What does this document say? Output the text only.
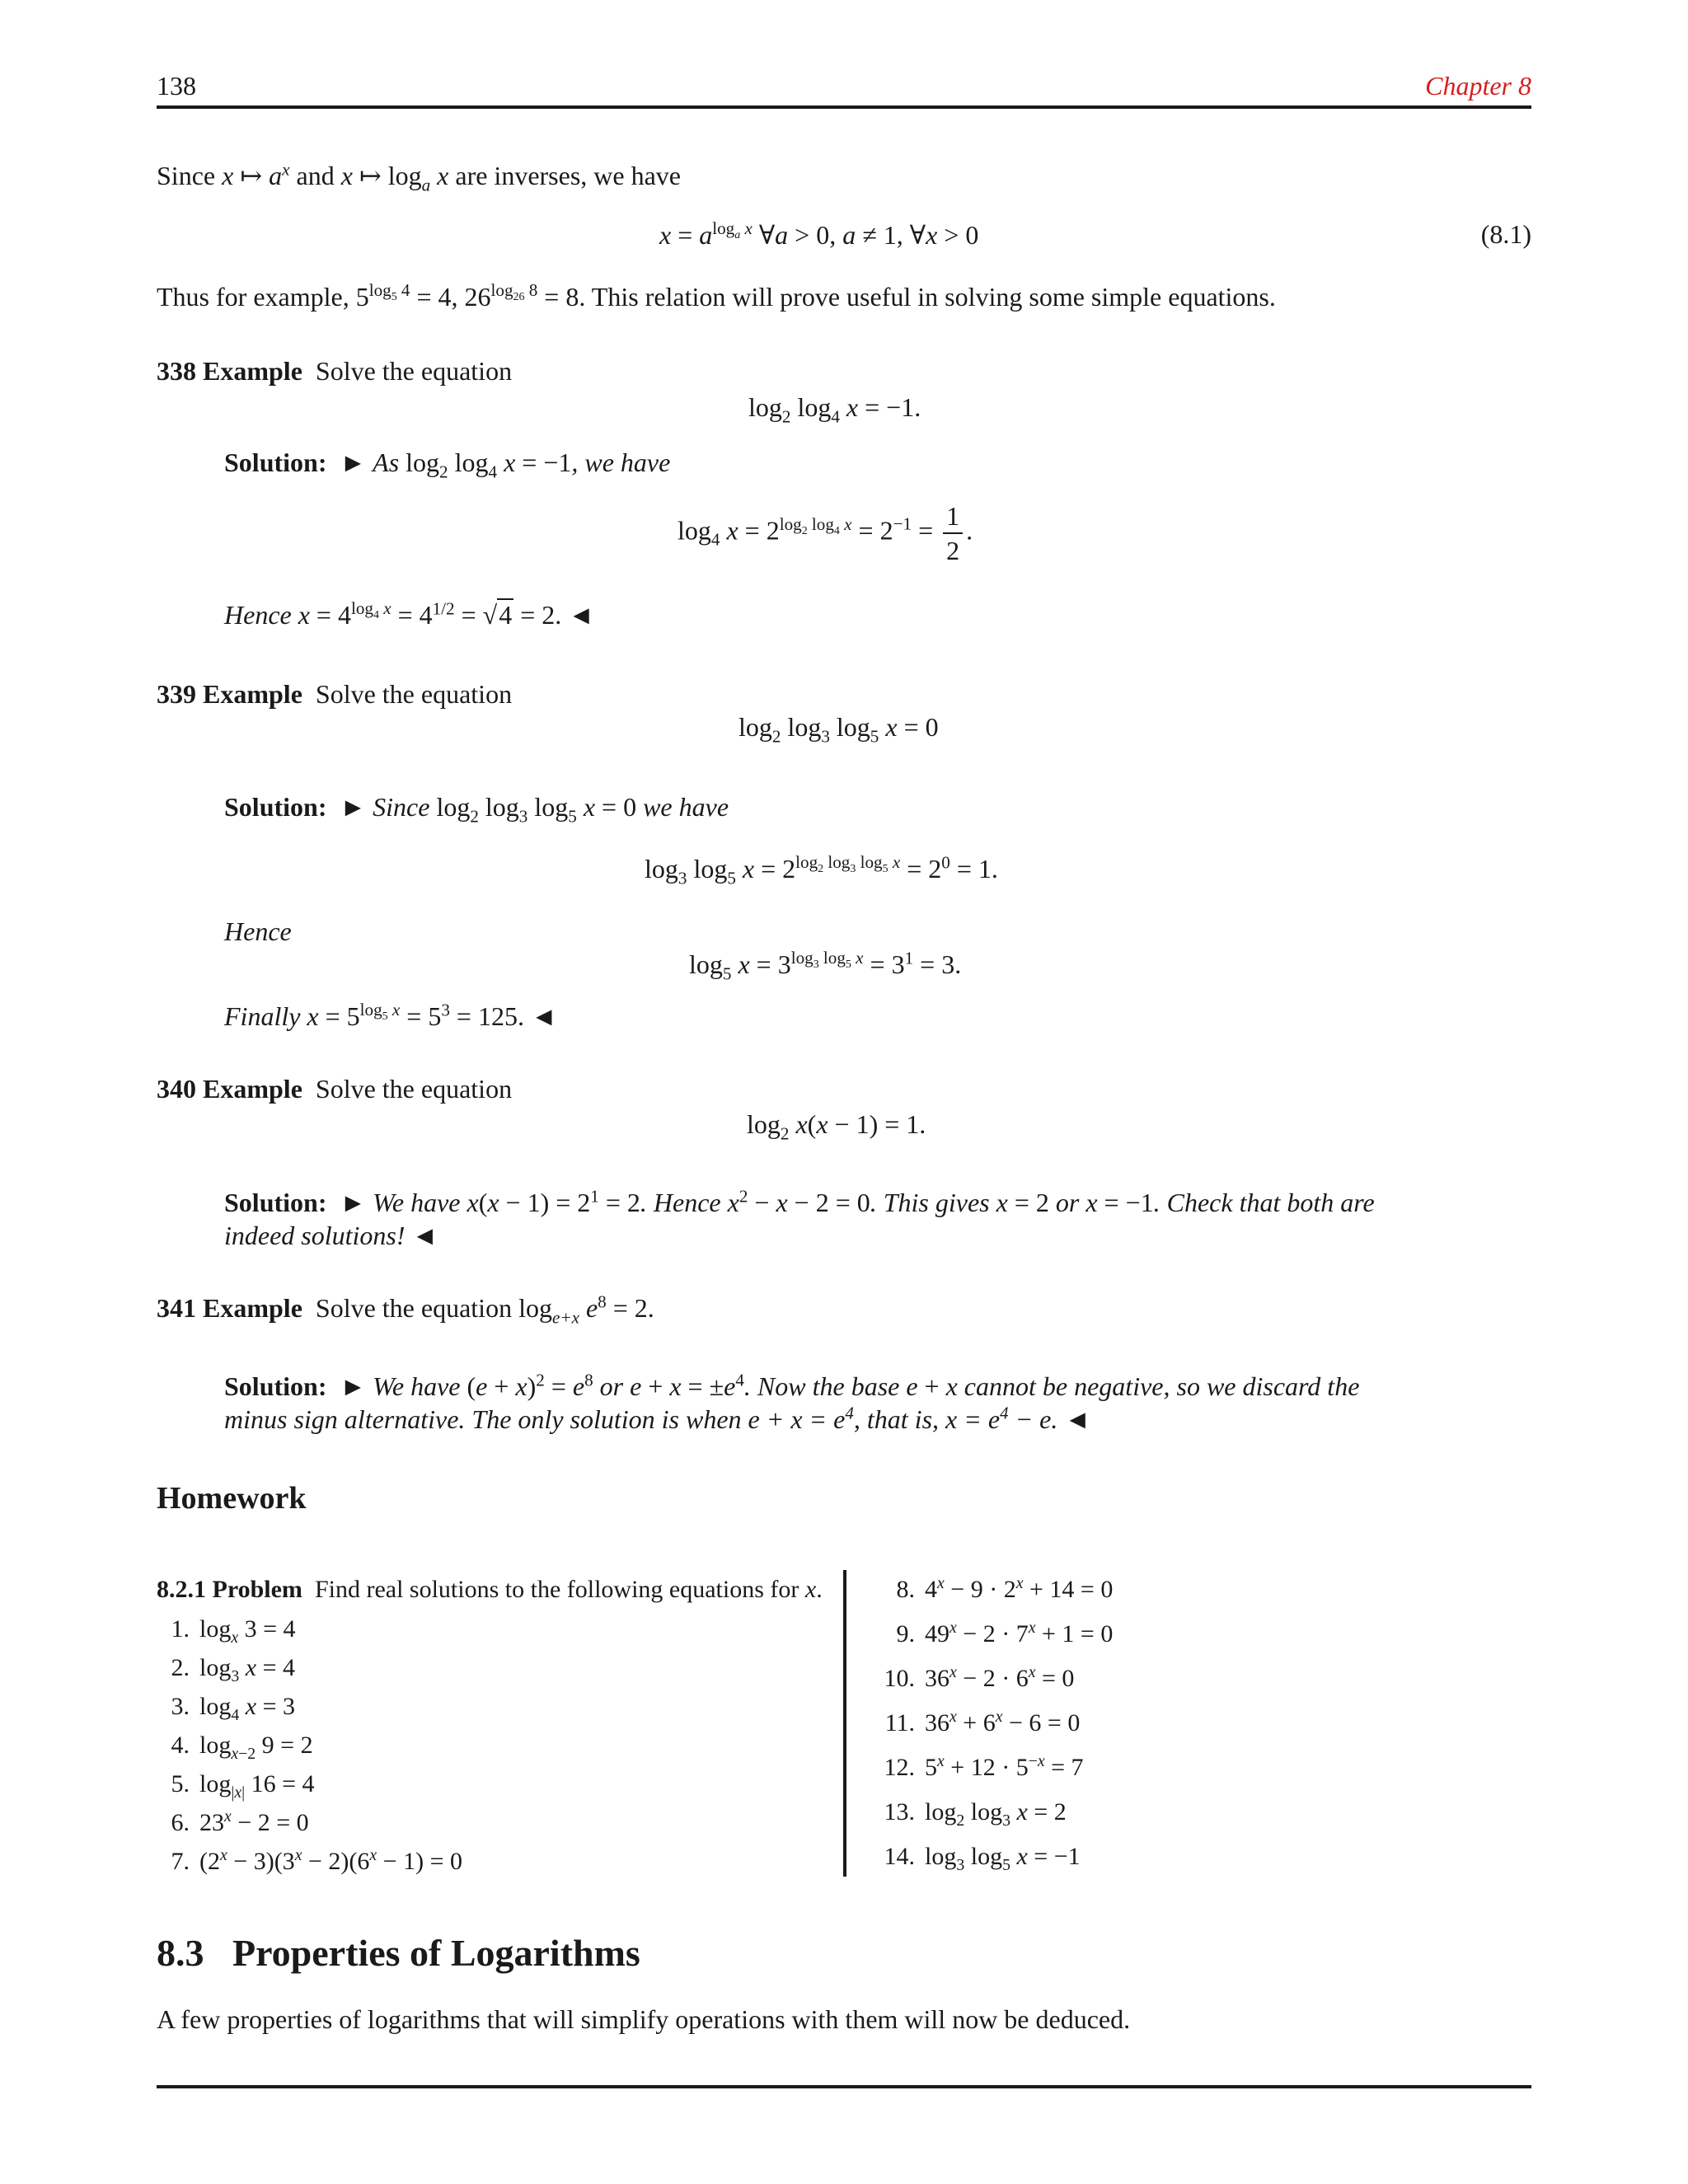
138	Chapter 8
Since x ↦ $a^x$ and x ↦ $\log_a x$ are inverses, we have
$x = a^{log_a x}$ ∀a > 0, a ≠ 1, ∀x > 0	(8.1)
Thus for example, $5^{log_5 4} = 4$, $26^{log_{26} 8} = 8$. This relation will prove useful in solving some simple equations.
338 Example Solve the equation
$\log_2 \log_4 x = -1$.
Solution:  ► As $\log_2 \log_4 x = -1$, we have
$\log_4 x = 2^{log_2 log_4 x} = 2^{-1} = \frac{1}{2}$ .
Hence $x = 4^{log_4 x} = 4^{1/2} = √4 = 2$. ◄
339 Example Solve the equation
$\log_2 \log_3 \log_5 x = 0$
Solution:  ► Since $\log_2 \log_3 \log_5 x = 0$ we have
$\log_3 \log_5 x = 2^{log_2 log_3 log_5 x} = 2^0 = 1$.
Hence
$\log_5 x = 3^{log_3 log_5 x} = 3^1 = 3$.
Finally $x = 5^{log_5 x} = 5^3 = 125$. ◄
340 Example Solve the equation
$\log_2 x(x - 1) = 1$.
Solution:  ► We have $x(x - 1) = 2^1 = 2$. Hence $x^2 - x - 2 = 0$. This gives x = 2 or x = −1. Check that both are
indeed solutions! ◄
341 Example Solve the equation $\log_{e+x} e^8 = 2$.
Solution:  ► We have $(e + x)^2 = e^8$ or $e + x = \pm e^4$. Now the base e + x cannot be negative, so we discard the
minus sign alternative. The only solution is when $e + x = e^4$, that is, $x = e^4 - e$. ◄
Homework
8.2.1 Problem Find real solutions to the following equations for x.
1. $\log_x 3 = 4$
2. $\log_3 x = 4$
3. $\log_4 x = 3$
4. $\log_{x-2} 9 = 2$
5. $\log_{|x|} 16 = 4$
6. $23^x - 2 = 0$
7. $(2^x - 3)(3^x - 2)(6^x - 1) = 0$
8. $4^x - 9 \cdot 2^x + 14 = 0$
9. $49^x - 2 \cdot 7^x + 1 = 0$
10. $36^x - 2 \cdot 6^x = 0$
11. $36^x + 6^x - 6 = 0$
12. $5^x + 12 \cdot 5^{-x} = 7$
13. $\log_2 \log_3 x = 2$
14. $\log_3 \log_5 x = -1$
8.3 Properties of Logarithms
A few properties of logarithms that will simplify operations with them will now be deduced.
